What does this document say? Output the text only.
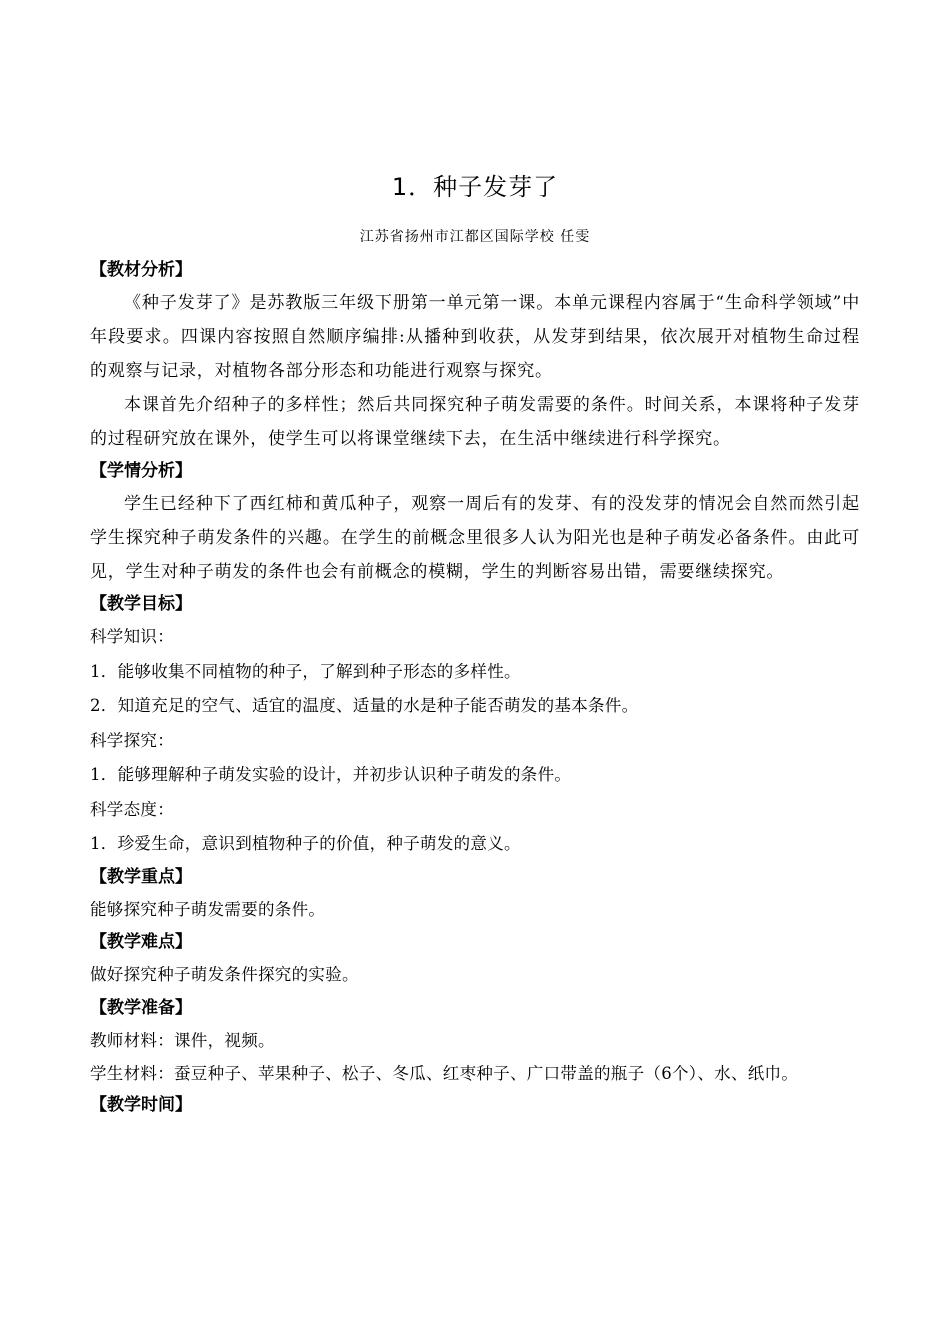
1．种子发芽了
江苏省扬州市江都区国际学校 任雯
【教材分析】

《种子发芽了》是苏教版三年级下册第一单元第一课。本单元课程内容属于“生命科学领域”中年段要求。四课内容按照自然顺序编排:从播种到收获，从发芽到结果，依次展开对植物生命过程的观察与记录，对植物各部分形态和功能进行观察与探究。

本课首先介绍种子的多样性；然后共同探究种子萌发需要的条件。时间关系，本课将种子发芽的过程研究放在课外，使学生可以将课堂继续下去，在生活中继续进行科学探究。

【学情分析】

学生已经种下了西红柿和黄瓜种子，观察一周后有的发芽、有的没发芽的情况会自然而然引起学生探究种子萌发条件的兴趣。在学生的前概念里很多人认为阳光也是种子萌发必备条件。由此可见，学生对种子萌发的条件也会有前概念的模糊，学生的判断容易出错，需要继续探究。

【教学目标】

科学知识：

1．能够收集不同植物的种子，了解到种子形态的多样性。

2．知道充足的空气、适宜的温度、适量的水是种子能否萌发的基本条件。

科学探究：

1．能够理解种子萌发实验的设计，并初步认识种子萌发的条件。

科学态度：

1．珍爱生命，意识到植物种子的价值，种子萌发的意义。

【教学重点】

能够探究种子萌发需要的条件。

【教学难点】

做好探究种子萌发条件探究的实验。

【教学准备】

教师材料：课件，视频。

学生材料：蚕豆种子、苹果种子、松子、冬瓜、红枣种子、广口带盖的瓶子（6个）、水、纸巾。

【教学时间】
